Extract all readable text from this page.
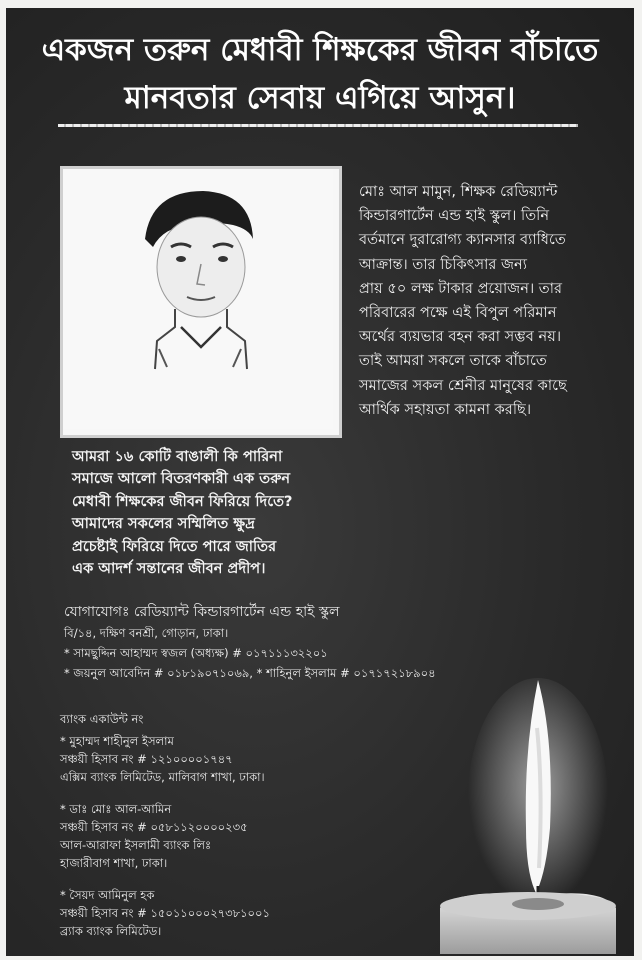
একজন তরুন মেধাবী শিক্ষকের জীবন বাঁচাতে
মানবতার সেবায় এগিয়ে আসুন।
মোঃ আল মামুন, শিক্ষক রেডিয়্যান্ট
কিন্ডারগার্টেন এন্ড হাই স্কুল। তিনি
বর্তমানে দুরারোগ্য ক্যানসার ব্যাধিতে
আক্রান্ত। তার চিকিৎসার জন্য
প্রায় ৫০ লক্ষ টাকার প্রয়োজন। তার
পরিবারের পক্ষে এই বিপুল পরিমান
অর্থের ব্যয়ভার বহন করা সম্ভব নয়।
তাই আমরা সকলে তাকে বাঁচাতে
সমাজের সকল শ্রেনীর মানুষের কাছে
আর্থিক সহায়তা কামনা করছি।
আমরা ১৬ কোটি বাঙালী কি পারিনা
সমাজে আলো বিতরণকারী এক তরুন
মেধাবী শিক্ষকের জীবন ফিরিয়ে দিতে?
আমাদের সকলের সম্মিলিত ক্ষুদ্র
প্রচেষ্টাই ফিরিয়ে দিতে পারে জাতির
এক আদর্শ সন্তানের জীবন প্রদীপ।
যোগাযোগঃ রেডিয়্যান্ট কিন্ডারগার্টেন এন্ড হাই স্কুল
বি/১৪, দক্ষিণ বনশ্রী, গোড়ান, ঢাকা।
* সামছুদ্দিন আহাম্মদ স্বজল (অধ্যক্ষ) # ০১৭১১১৩২২০১
* জয়নুল আবেদিন # ০১৮১৯০৭১০৬৯, * শাহিনুল ইসলাম # ০১৭১৭২১৮৯০৪
ব্যাংক একাউন্ট নং
* মুহাম্মদ শাহীনুল ইসলাম
সঞ্চয়ী হিসাব নং # ১২১০০০০১৭৪৭
এক্সিম ব্যাংক লিমিটেড, মালিবাগ শাখা, ঢাকা।
* ডাঃ মোঃ আল-আমিন
সঞ্চয়ী হিসাব নং # ০৫৮১১২০০০০২৩৫
আল-আরাফা ইসলামী ব্যাংক লিঃ
হাজারীবাগ শাখা, ঢাকা।
* সৈয়দ আমিনুল হক
সঞ্চয়ী হিসাব নং # ১৫০১১০০০২৭৩৮১০০১
ব্র্যাক ব্যাংক লিমিটেড।
